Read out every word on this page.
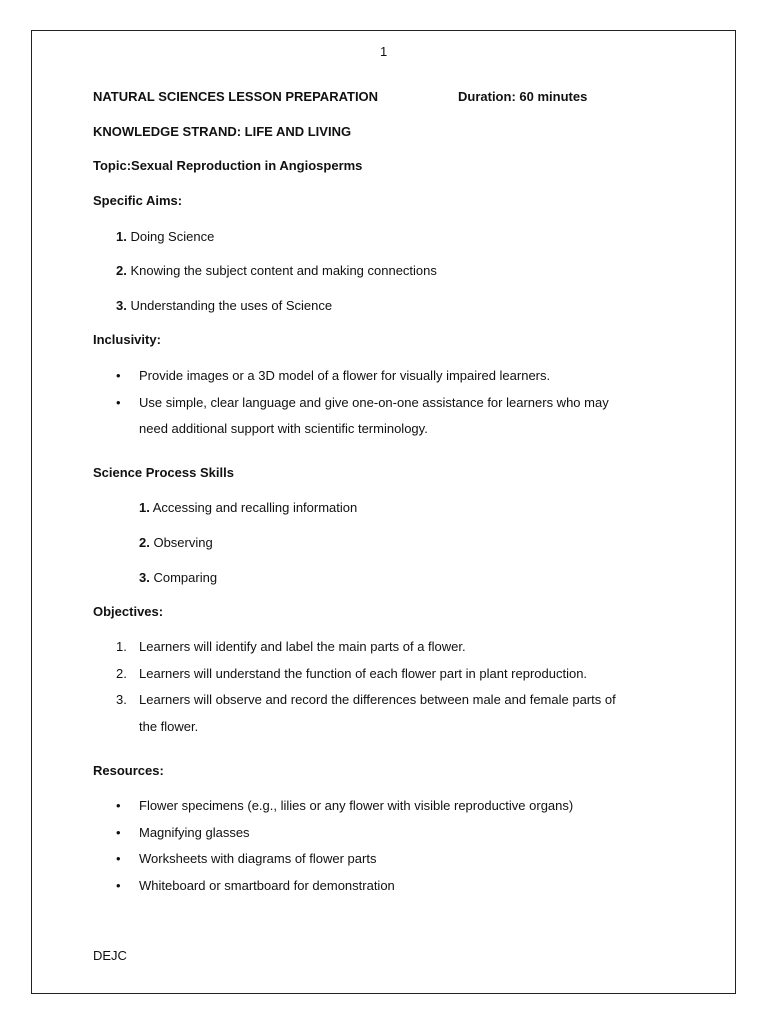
1
NATURAL SCIENCES LESSON PREPARATION	Duration: 60 minutes
KNOWLEDGE STRAND: LIFE AND LIVING
Topic:Sexual Reproduction in Angiosperms
Specific Aims:
1. Doing Science
2. Knowing the subject content and making connections
3. Understanding the uses of Science
Inclusivity:
• Provide images or a 3D model of a flower for visually impaired learners.
• Use simple, clear language and give one-on-one assistance for learners who may
need additional support with scientific terminology.
Science Process Skills
1. Accessing and recalling information
2. Observing
3. Comparing
Objectives:
1. Learners will identify and label the main parts of a flower.
2. Learners will understand the function of each flower part in plant reproduction.
3. Learners will observe and record the differences between male and female parts of
the flower.
Resources:
• Flower specimens (e.g., lilies or any flower with visible reproductive organs)
• Magnifying glasses
• Worksheets with diagrams of flower parts
• Whiteboard or smartboard for demonstration
DEJC
